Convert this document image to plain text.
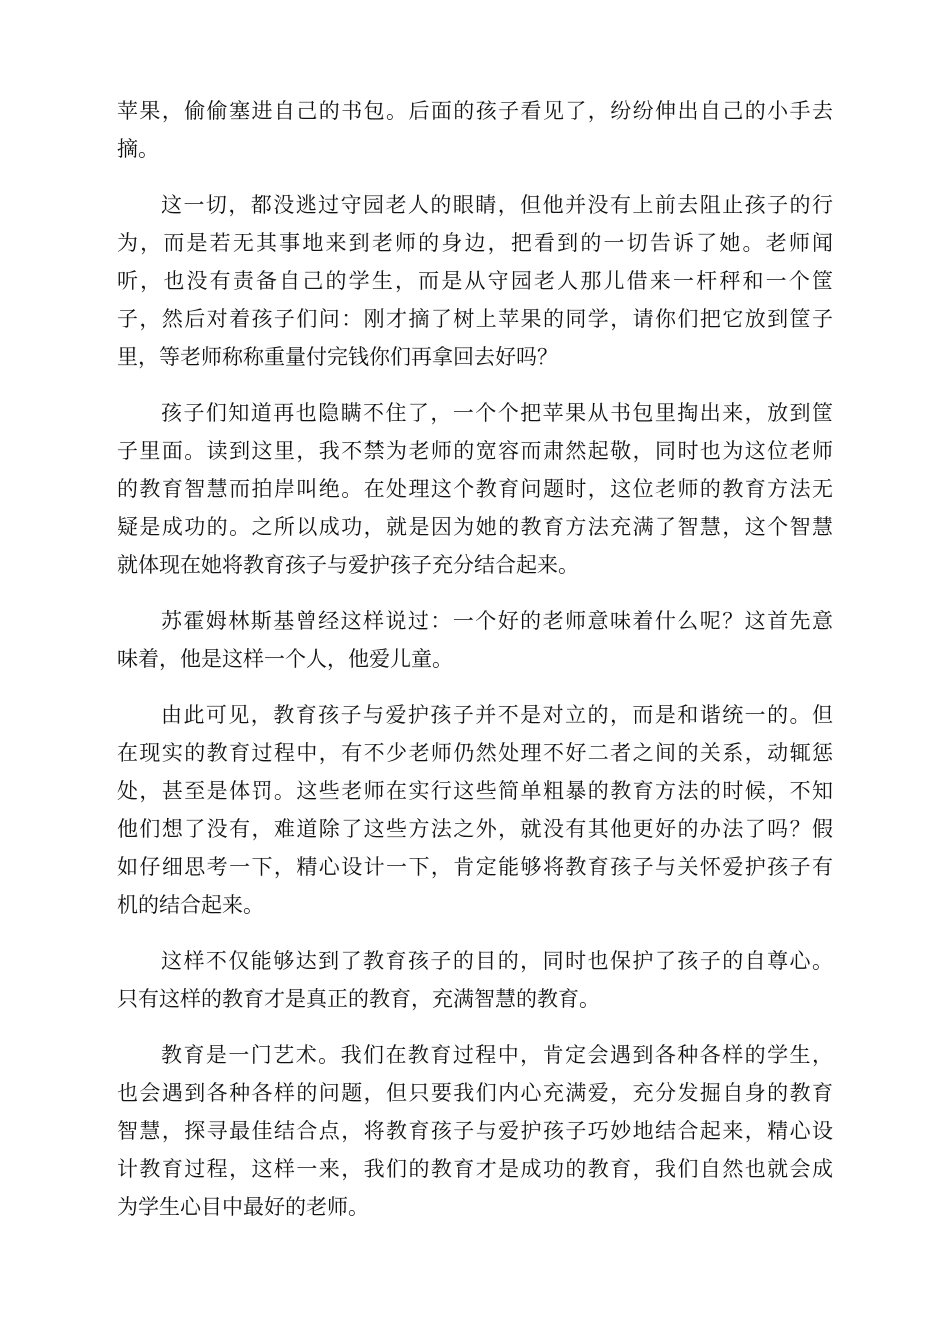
苹果，偷偷塞进自己的书包。后面的孩子看见了，纷纷伸出自己的小手去
摘。
这一切，都没逃过守园老人的眼睛，但他并没有上前去阻止孩子的行
为，而是若无其事地来到老师的身边，把看到的一切告诉了她。老师闻
听，也没有责备自己的学生，而是从守园老人那儿借来一杆秤和一个筐
子，然后对着孩子们问：刚才摘了树上苹果的同学，请你们把它放到筐子
里，等老师称称重量付完钱你们再拿回去好吗？
孩子们知道再也隐瞒不住了，一个个把苹果从书包里掏出来，放到筐
子里面。读到这里，我不禁为老师的宽容而肃然起敬，同时也为这位老师
的教育智慧而拍岸叫绝。在处理这个教育问题时，这位老师的教育方法无
疑是成功的。之所以成功，就是因为她的教育方法充满了智慧，这个智慧
就体现在她将教育孩子与爱护孩子充分结合起来。
苏霍姆林斯基曾经这样说过：一个好的老师意味着什么呢？这首先意
味着，他是这样一个人，他爱儿童。
由此可见，教育孩子与爱护孩子并不是对立的，而是和谐统一的。但
在现实的教育过程中，有不少老师仍然处理不好二者之间的关系，动辄惩
处，甚至是体罚。这些老师在实行这些简单粗暴的教育方法的时候，不知
他们想了没有，难道除了这些方法之外，就没有其他更好的办法了吗？假
如仔细思考一下，精心设计一下，肯定能够将教育孩子与关怀爱护孩子有
机的结合起来。
这样不仅能够达到了教育孩子的目的，同时也保护了孩子的自尊心。
只有这样的教育才是真正的教育，充满智慧的教育。
教育是一门艺术。我们在教育过程中，肯定会遇到各种各样的学生，
也会遇到各种各样的问题，但只要我们内心充满爱，充分发掘自身的教育
智慧，探寻最佳结合点，将教育孩子与爱护孩子巧妙地结合起来，精心设
计教育过程，这样一来，我们的教育才是成功的教育，我们自然也就会成
为学生心目中最好的老师。
